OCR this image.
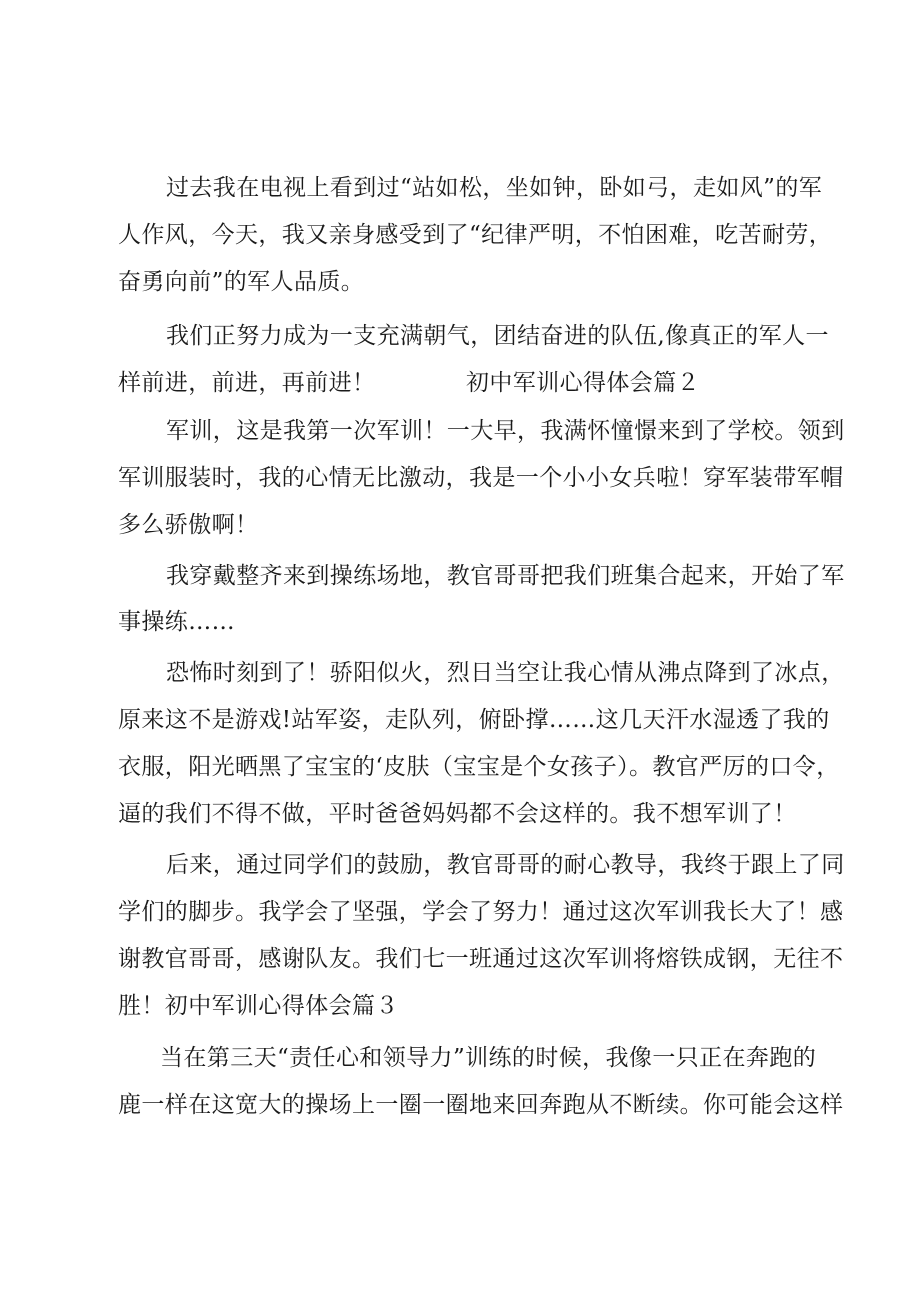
过去我在电视上看到过“站如松，坐如钟，卧如弓，走如风”的军
人作风，今天，我又亲身感受到了“纪律严明，不怕困难，吃苦耐劳，
奋勇向前”的军人品质。
我们正努力成为一支充满朝气，团结奋进的队伍,像真正的军人一
样前进，前进，再前进！	初中军训心得体会篇２
军训，这是我第一次军训！一大早，我满怀憧憬来到了学校。领到
军训服装时，我的心情无比激动，我是一个小小女兵啦！穿军装带军帽
多么骄傲啊！
我穿戴整齐来到操练场地，教官哥哥把我们班集合起来，开始了军
事操练……
恐怖时刻到了！骄阳似火，烈日当空让我心情从沸点降到了冰点，
原来这不是游戏!站军姿，走队列，俯卧撑……这几天汗水湿透了我的
衣服，阳光晒黑了宝宝的‘皮肤（宝宝是个女孩子）。教官严厉的口令，
逼的我们不得不做，平时爸爸妈妈都不会这样的。我不想军训了！
后来，通过同学们的鼓励，教官哥哥的耐心教导，我终于跟上了同
学们的脚步。我学会了坚强，学会了努力！通过这次军训我长大了！感
谢教官哥哥，感谢队友。我们七一班通过这次军训将熔铁成钢，无往不
胜！初中军训心得体会篇３
当在第三天“责任心和领导力”训练的时候，我像一只正在奔跑的
鹿一样在这宽大的操场上一圈一圈地来回奔跑从不断续。你可能会这样
